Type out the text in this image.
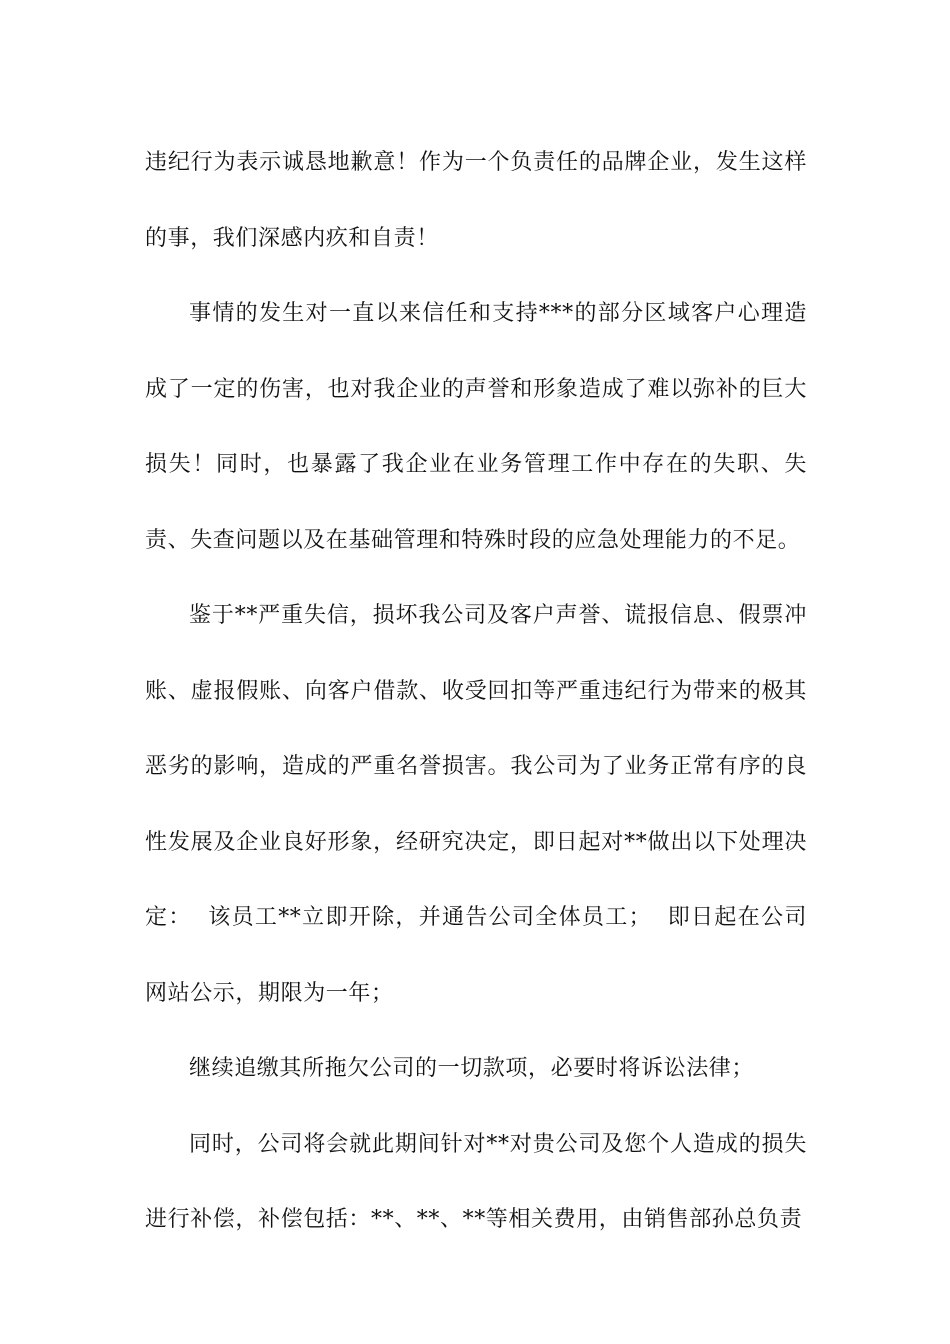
违纪行为表示诚恳地歉意！作为一个负责任的品牌企业，发生这样的事，我们深感内疚和自责！

事情的发生对一直以来信任和支持***的部分区域客户心理造成了一定的伤害，也对我企业的声誉和形象造成了难以弥补的巨大损失！同时，也暴露了我企业在业务管理工作中存在的失职、失责、失查问题以及在基础管理和特殊时段的应急处理能力的不足。

鉴于**严重失信，损坏我公司及客户声誉、谎报信息、假票冲账、虚报假账、向客户借款、收受回扣等严重违纪行为带来的极其恶劣的影响，造成的严重名誉损害。我公司为了业务正常有序的良性发展及企业良好形象，经研究决定，即日起对**做出以下处理决定：  该员工**立即开除，并通告公司全体员工；  即日起在公司网站公示，期限为一年；

继续追缴其所拖欠公司的一切款项，必要时将诉讼法律；

同时，公司将会就此期间针对**对贵公司及您个人造成的损失进行补偿，补偿包括：**、**、**等相关费用，由销售部孙总负责
